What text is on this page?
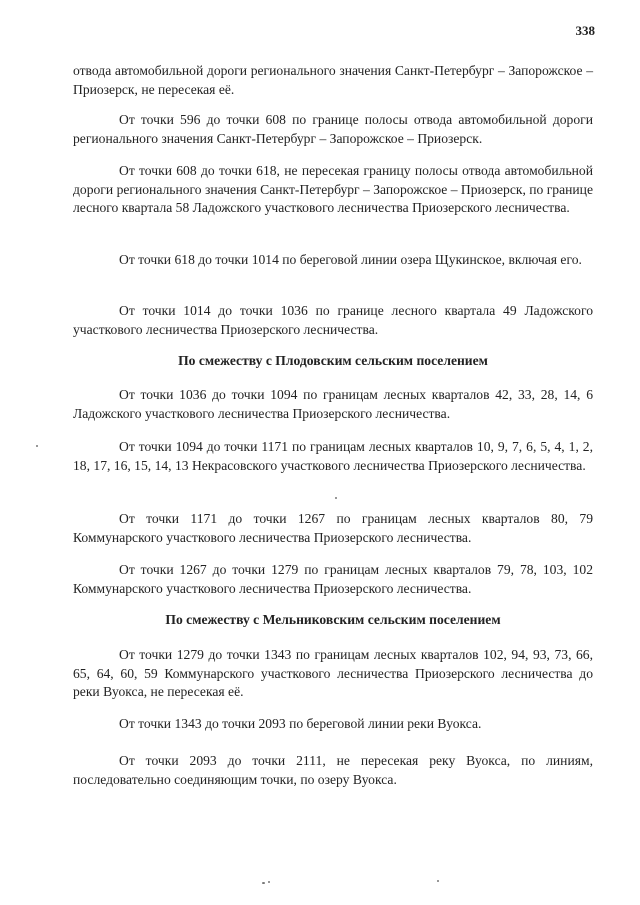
338

отвода автомобильной дороги регионального значения Санкт-Петербург – Запорожское – Приозерск, не пересекая её.

От точки 596 до точки 608 по границе полосы отвода автомобильной дороги регионального значения Санкт-Петербург – Запорожское – Приозерск.

От точки 608 до точки 618, не пересекая границу полосы отвода автомобильной дороги регионального значения Санкт-Петербург – Запорожское – Приозерск, по границе лесного квартала 58 Ладожского участкового лесничества Приозерского лесничества.

От точки 618 до точки 1014 по береговой линии озера Щукинское, включая его.

От точки 1014 до точки 1036 по границе лесного квартала 49 Ладожского участкового лесничества Приозерского лесничества.

По смежеству с Плодовским сельским поселением

От точки 1036 до точки 1094 по границам лесных кварталов 42, 33, 28, 14, 6 Ладожского участкового лесничества Приозерского лесничества.

От точки 1094 до точки 1171 по границам лесных кварталов 10, 9, 7, 6, 5, 4, 1, 2, 18, 17, 16, 15, 14, 13 Некрасовского участкового лесничества Приозерского лесничества.

От точки 1171 до точки 1267 по границам лесных кварталов 80, 79 Коммунарского участкового лесничества Приозерского лесничества.

От точки 1267 до точки 1279 по границам лесных кварталов 79, 78, 103, 102 Коммунарского участкового лесничества Приозерского лесничества.

По смежеству с Мельниковским сельским поселением

От точки 1279 до точки 1343 по границам лесных кварталов 102, 94, 93, 73, 66, 65, 64, 60, 59 Коммунарского участкового лесничества Приозерского лесничества до реки Вуокса, не пересекая её.

От точки 1343 до точки 2093 по береговой линии реки Вуокса.

От точки 2093 до точки 2111, не пересекая реку Вуокса, по линиям, последовательно соединяющим точки, по озеру Вуокса.
